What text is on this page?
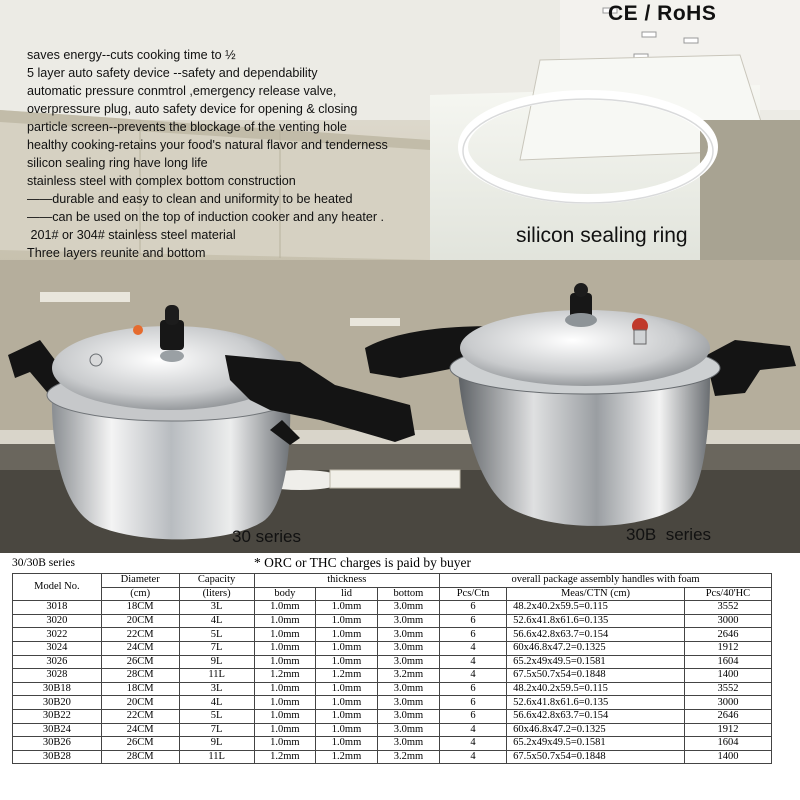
CE / RoHS
saves energy--cuts cooking time to ½
5 layer auto safety device --safety and dependability
automatic pressure conmtrol ,emergency release valve,
overpressure plug, auto safety device for opening & closing
particle screen--prevents the blockage of the venting hole
healthy cooking-retains your food's natural flavor and tenderness
silicon sealing ring have long life
stainless steel with complex bottom construction
——durable and easy to clean and uniformity to be heated
——can be used on the top of induction cooker and any heater .
201# or 304# stainless steel material
Three layers reunite and bottom
silicon sealing ring
30 series	30B  series
30/30B series	* ORC or THC charges is paid by buyer
Model No.	Diameter	Capacity	thickness			overall package assembly handles with foam		
	(cm)	(liters)	body	lid	bottom	Pcs/Ctn	Meas/CTN (cm)	Pcs/40'HC
3018	18CM	3L	1.0mm	1.0mm	3.0mm	6	48.2x40.2x59.5=0.115	3552
3020	20CM	4L	1.0mm	1.0mm	3.0mm	6	52.6x41.8x61.6=0.135	3000
3022	22CM	5L	1.0mm	1.0mm	3.0mm	6	56.6x42.8x63.7=0.154	2646
3024	24CM	7L	1.0mm	1.0mm	3.0mm	4	60x46.8x47.2=0.1325	1912
3026	26CM	9L	1.0mm	1.0mm	3.0mm	4	65.2x49x49.5=0.1581	1604
3028	28CM	11L	1.2mm	1.2mm	3.2mm	4	67.5x50.7x54=0.1848	1400
30B18	18CM	3L	1.0mm	1.0mm	3.0mm	6	48.2x40.2x59.5=0.115	3552
30B20	20CM	4L	1.0mm	1.0mm	3.0mm	6	52.6x41.8x61.6=0.135	3000
30B22	22CM	5L	1.0mm	1.0mm	3.0mm	6	56.6x42.8x63.7=0.154	2646
30B24	24CM	7L	1.0mm	1.0mm	3.0mm	4	60x46.8x47.2=0.1325	1912
30B26	26CM	9L	1.0mm	1.0mm	3.0mm	4	65.2x49x49.5=0.1581	1604
30B28	28CM	11L	1.2mm	1.2mm	3.2mm	4	67.5x50.7x54=0.1848	1400
